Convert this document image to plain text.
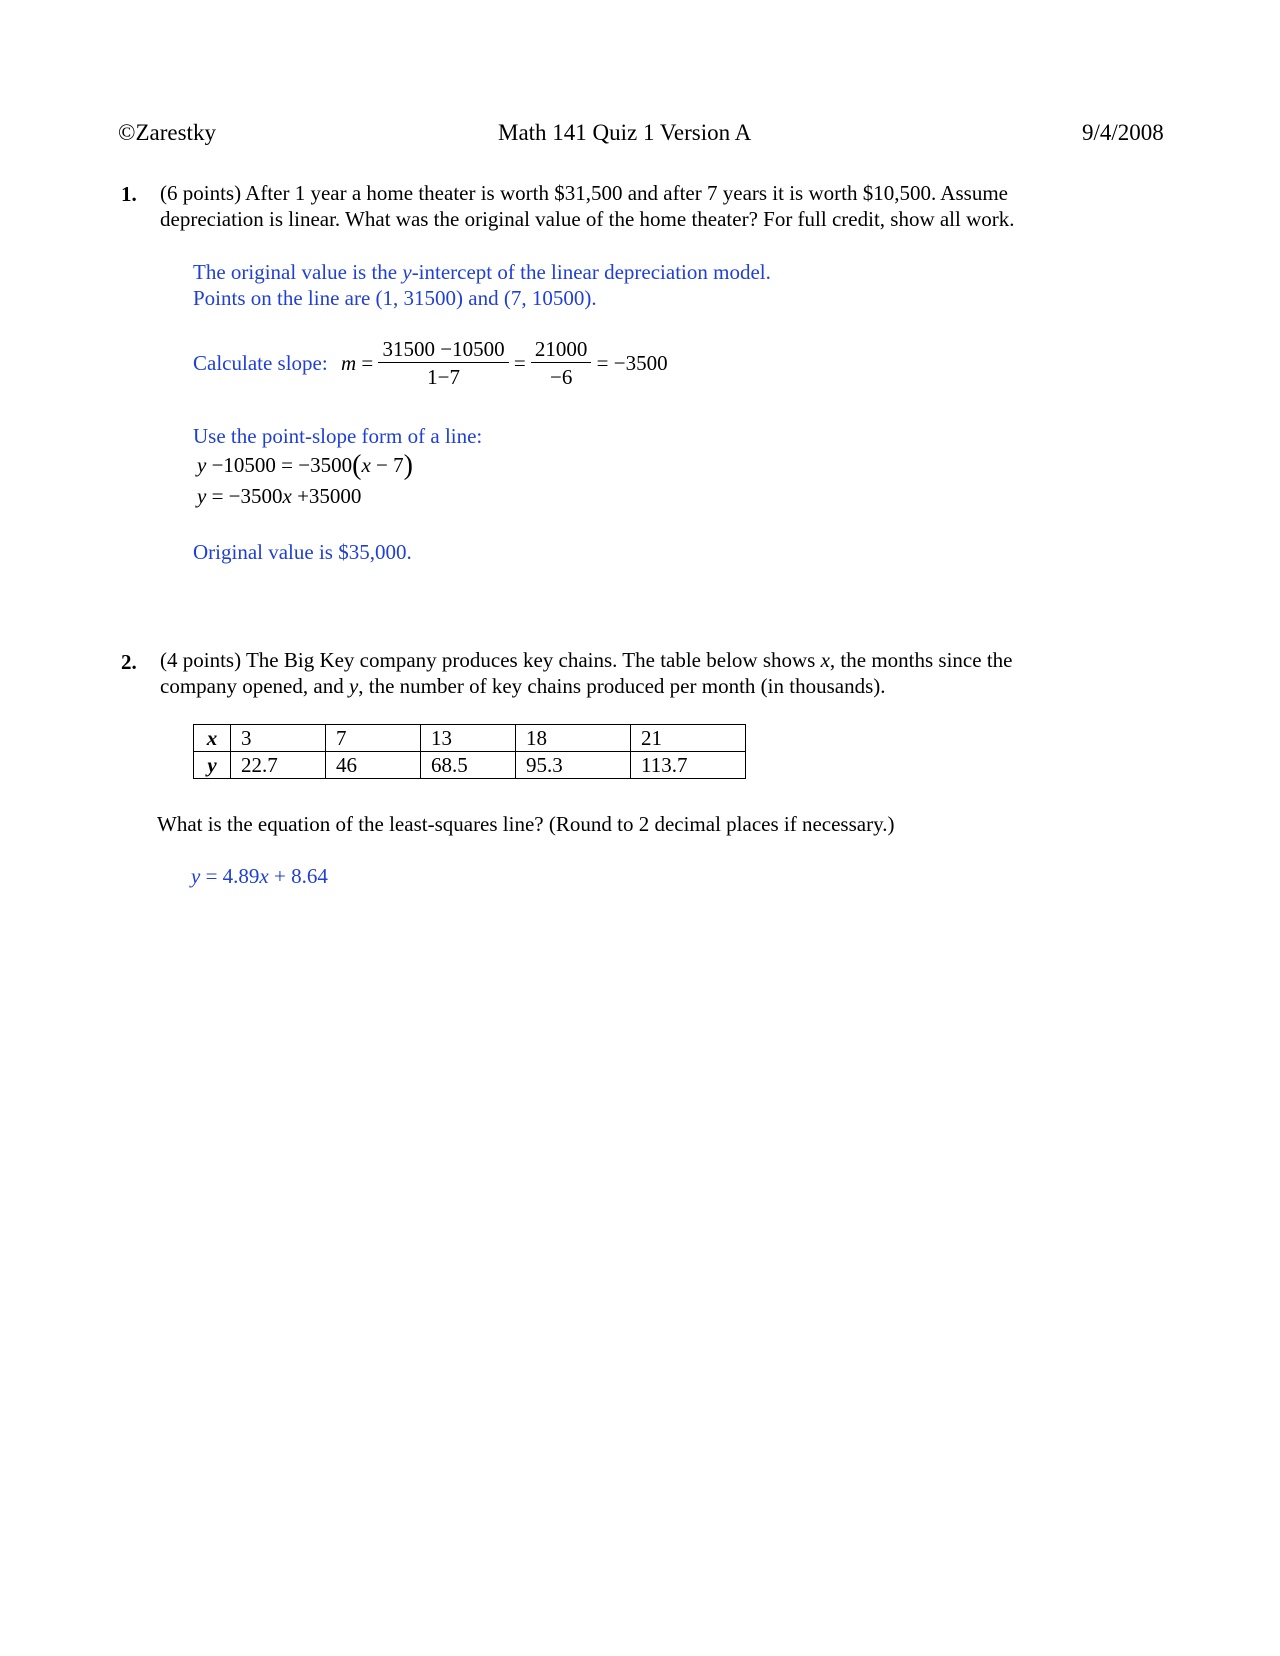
©Zarestky	Math 141 Quiz 1 Version A	9/4/2008
1. (6 points) After 1 year a home theater is worth $31,500 and after 7 years it is worth $10,500. Assume
depreciation is linear. What was the original value of the home theater? For full credit, show all work.
The original value is the y-intercept of the linear depreciation model.
Points on the line are (1, 31500) and (7, 10500).
Calculate slope: $m = \frac{31500 -10500}{1-7} = \frac{21000}{-6} = -3500$
Use the point-slope form of a line:
y −10500 = −3500(x − 7)
y = −3500x +35000
Original value is $35,000.
2. (4 points) The Big Key company produces key chains. The table below shows x, the months since the
company opened, and y, the number of key chains produced per month (in thousands).
x	3	7	13	18	21
y	22.7	46	68.5	95.3	113.7
What is the equation of the least-squares line? (Round to 2 decimal places if necessary.)
y = 4.89x + 8.64
